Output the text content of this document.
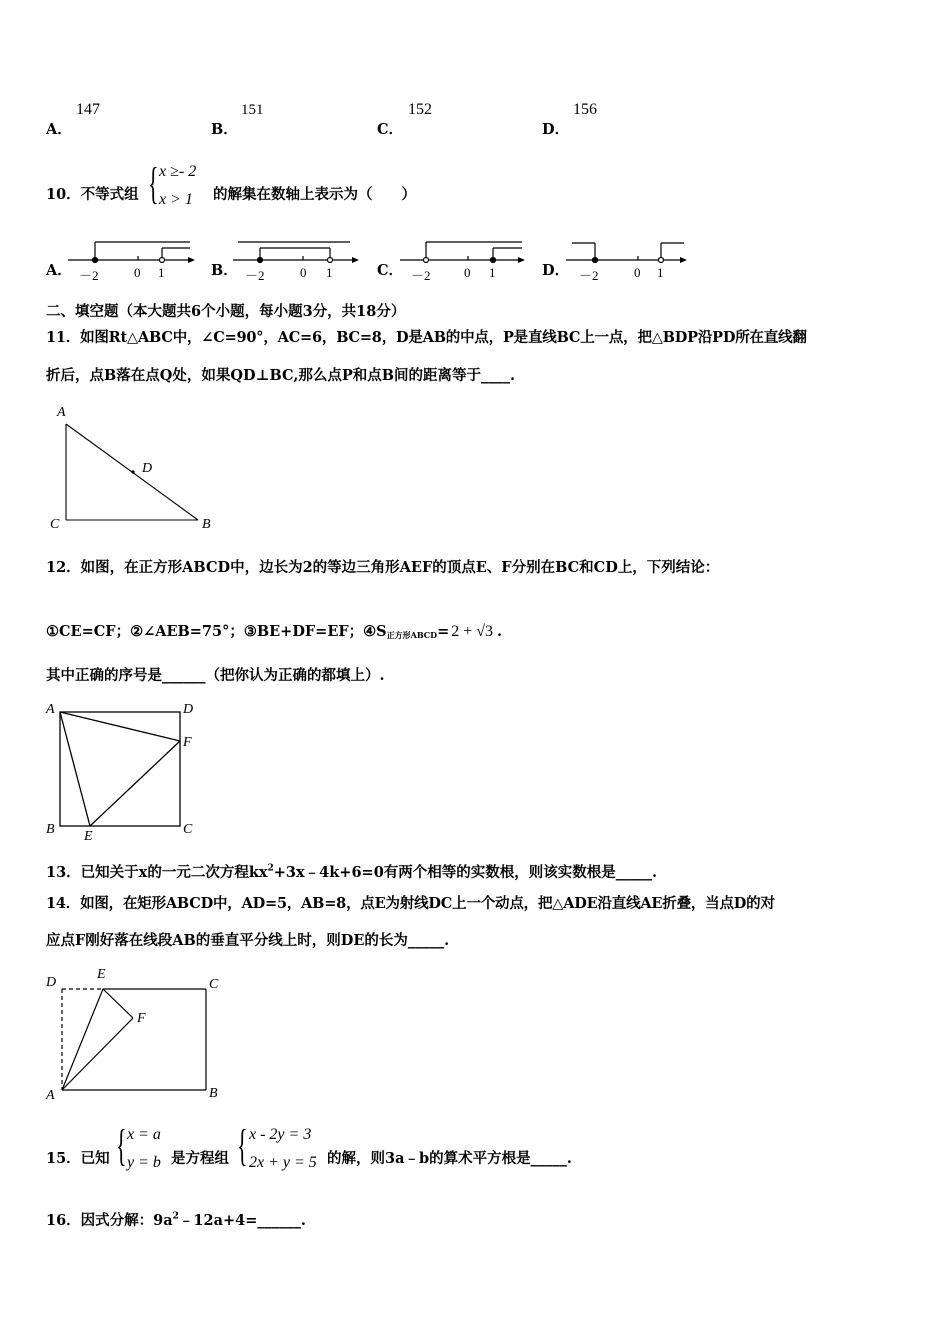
A．
147
B．
151
C．
152
D．
156
10．不等式组 { x ≥- 2
x > 1 的解集在数轴上表示为（　　）
A．	B．	C．	D．
－2	0 1	－2	0 1	－2	0 1	－2	0 1
二、填空题（本大题共6个小题，每小题3分，共18分）
11．如图Rt△ABC中，∠C=90°，AC=6，BC=8，D是AB的中点，P是直线BC上一点，把△BDP沿PD所在直线翻
折后，点B落在点Q处，如果QD⊥BC,那么点P和点B间的距离等于____.
A
D
C	B
12．如图，在正方形ABCD中，边长为2的等边三角形AEF的顶点E、F分别在BC和CD上，下列结论：
①CE=CF；②∠AEB=75°；③BE+DF=EF；④S正方形ABCD= 2 + √3 .
其中正确的序号是______（把你认为正确的都填上）.
A	D
F
B	C
E
13．已知关于x的一元二次方程$kx^2+3x﹣4k+6=0$有两个相等的实数根，则该实数根是_____.
14．如图，在矩形ABCD中，AD=5，AB=8，点E为射线DC上一个动点，把△ADE沿直线AE折叠，当点D的对
应点F刚好落在线段AB的垂直平分线上时，则DE的长为_____.
D
E
C
F
A	B
15．已知 { x = a
y = b 是方程组 { x - 2y = 3
2x + y = 5 的解，则3a﹣b的算术平方根是_____.
16．因式分解：$9a^2﹣12a+4=\_\_\_\_\_\_$.
